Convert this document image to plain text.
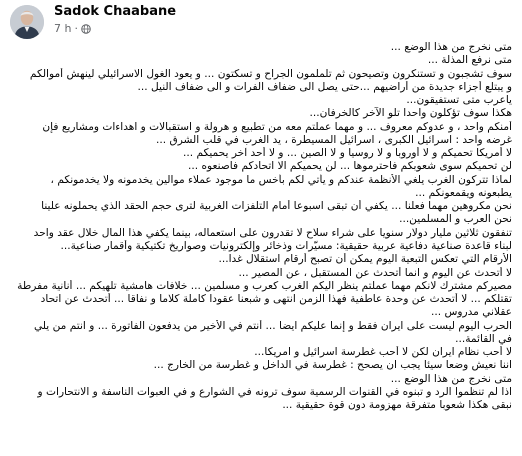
Sadok Chaabane
7 h ·
متى نخرج من هذا الوضع ...
متى نرفع المذلة ...
سوف تشجبون و تستنكرون وتصيحون ثم تلملمون الجراح و تسكتون ... و يعود الغول الاسرائيلي لينهش أموالكم
و يبتلع أجزاء جديدة من أراضيهم ...حتى يصل الى ضفاف الفرات و الى ضفاف النيل ...
ياعرب متى تستفيقون...
هكذا سوف تؤكلون واحدا تلو الآخر كالخرفان...
أمنكم واحد ، و عدوكم معروف ... و مهما عملتم معه من تطبيع و هرولة و استقبالات و اهداءات ومشاريع فإن
غرضه واحد : اسرائيل الكبرى ، اسرائيل المسيطرة ، يد الغرب في قلب الشرق ...
لا أمريكا تحميكم و لا أوروبا و لا روسيا و لا الصين ... و لا أحد آخر يحميكم ...
لن تحميكم سوى شعوبكم فاحترموها ... لن يحميكم الا اتحادكم فاصنعوه ...
لماذا تتركون الغرب يلغي الأنظمة عندكم و يأتي لكم بأخس ما موجود عملاء موالين يخدمونه ولا يخدمونكم ،
يطبعونه ويقمعونكم ...
نحن مكروهين مهما فعلنا ... يكفي أن تبقى اسبوعا أمام التلفزات الغربية لترى حجم الحقد الذي يحملونه علينا
نحن العرب و المسلمين...
تنفقون ثلاثين مليار دولار سنويا على شراء سلاح لا تقدرون على استعماله، بينما يكفي هذا المال خلال عقد واحد
لبناء قاعدة صناعية دفاعية عربية حقيقية: مسيّرات وذخائر وإلكترونيات وصواريخ تكتيكية وأقمار صناعية...
الأرقام التي تعكس التبعية اليوم يمكن أن تصبح أرقام استقلال غدا...
لا أتحدث عن اليوم و انما أتحدث عن المستقبل ، عن المصير ...
مصيركم مشترك لانكم مهما عملتم ينظر اليكم الغرب كعرب و مسلمين ... خلافات هامشية تلهيكم ... أنانية مفرطة
تقتلكم ... لا أتحدث عن وحدة عاطفية فهذا الزمن انتهى و شبعنا عقودا كاملة كلاما و نفاقا ... أتحدث عن اتحاد
عقلاني مدروس ...
الحرب اليوم ليست على ايران فقط و إنما عليكم ايضا ... أنتم في الأخير من يدفعون الفاتورة ... و انتم من يلي
في القائمة...
لا أحب نظام ايران لكن لا أحب غطرسة اسرائيل و امريكا...
اننا نعيش وضعا سيئا يجب ان يصحح : غطرسة في الداخل و غطرسة من الخارج ...
متى نخرج من هذا الوضع ...
اذا لم تنظموا الرد و تبنوه في القنوات الرسمية سوف ترونه في الشوارع و في العبوات الناسفة و الانتحارات و
نبقى هكذا شعوبا متفرقة مهزومة دون قوة حقيقية ...
